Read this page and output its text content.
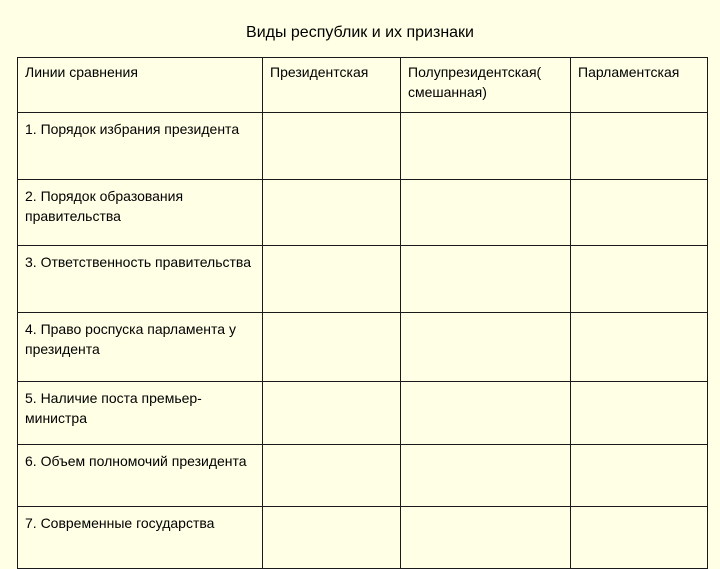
Виды республик и их признаки
Линии сравнения	Президентская	Полупрезидентская( смешанная)	Парламентская
1. Порядок избрания президента			
2. Порядок образования правительства			
3. Ответственность правительства			
4. Право роспуска парламента у президента			
5. Наличие поста премьер-министра			
6. Объем полномочий президента			
7. Современные государства			
